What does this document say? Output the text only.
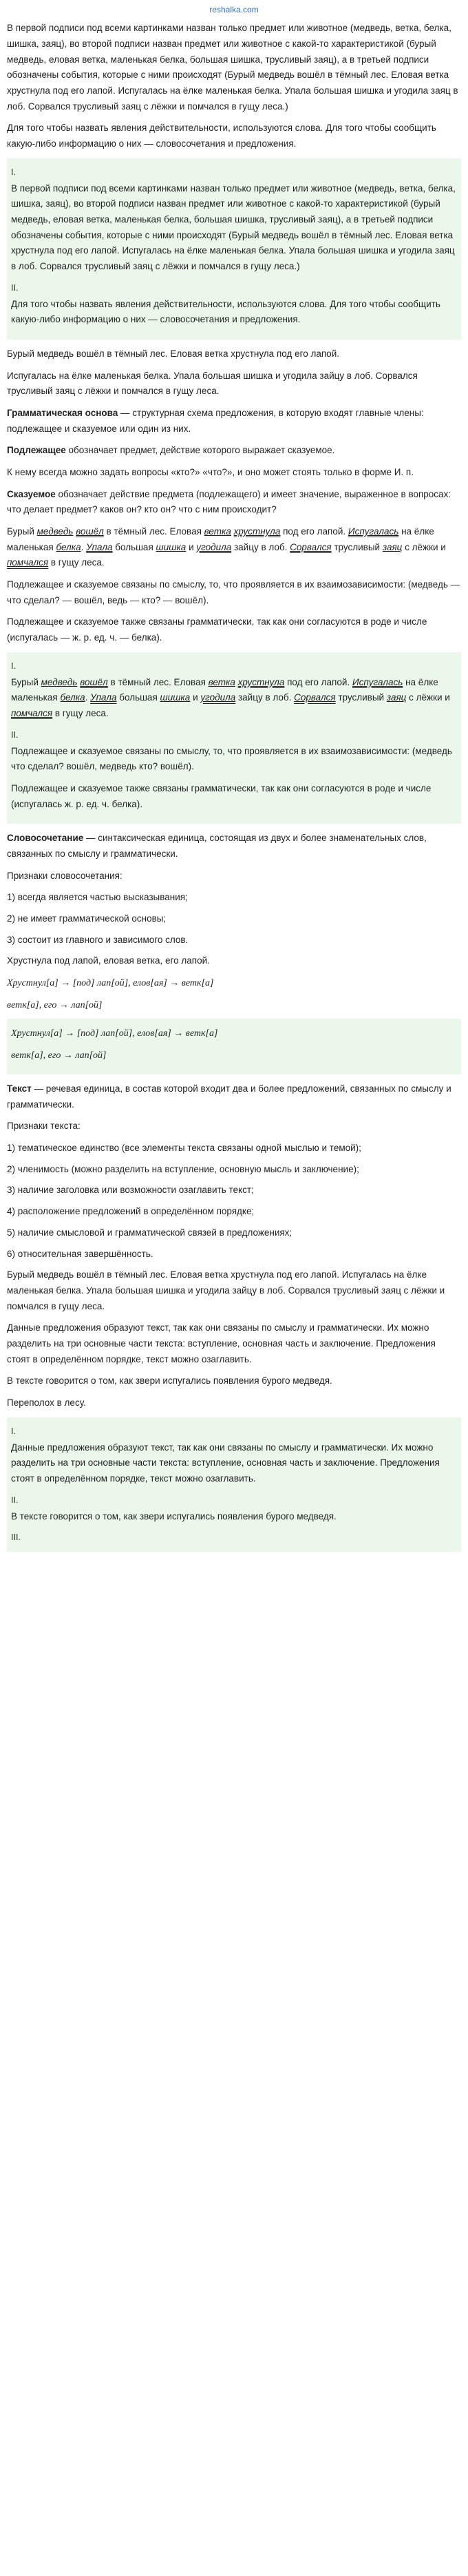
reshalka.com

В первой подписи под всеми картинками назван только предмет или животное (медведь, ветка, белка, шишка, заяц), во второй подписи назван предмет или животное с какой-то характеристикой (бурый медведь, еловая ветка, маленькая белка, большая шишка, трусливый заяц), а в третьей подписи обозначены события, которые с ними происходят (Бурый медведь вошёл в тёмный лес. Еловая ветка хрустнула под его лапой. Испугалась на ёлке маленькая белка. Упала большая шишка и угодила заяц в лоб. Сорвался трусливый заяц с лёжки и помчался в гущу леса.)

Для того чтобы назвать явления действительности, используются слова. Для того чтобы сообщить какую-либо информацию о них — словосочетания и предложения.

I.

В первой подписи под всеми картинками назван только предмет или животное (медведь, ветка, белка, шишка, заяц), во второй подписи назван предмет или животное с какой-то характеристикой (бурый медведь, еловая ветка, маленькая белка, большая шишка, трусливый заяц), а в третьей подписи обозначены события, которые с ними происходят (Бурый медведь вошёл в тёмный лес. Еловая ветка хрустнула под его лапой. Испугалась на ёлке маленькая белка. Упала большая шишка и угодила заяц в лоб. Сорвался трусливый заяц с лёжки и помчался в гущу леса.)

II.

Для того чтобы назвать явления действительности, используются слова. Для того чтобы сообщить какую-либо информацию о них — словосочетания и предложения.

Бурый медведь вошёл в тёмный лес. Еловая ветка хрустнула под его лапой.

Испугалась на ёлке маленькая белка. Упала большая шишка и угодила зайцу в лоб. Сорвался трусливый заяц с лёжки и помчался в гущу леса.

Грамматическая основа — структурная схема предложения, в которую входят главные члены: подлежащее и сказуемое или один из них.

Подлежащее обозначает предмет, действие которого выражает сказуемое.

К нему всегда можно задать вопросы «кто?» «что?», и оно может стоять только в форме И. п.

Сказуемое обозначает действие предмета (подлежащего) и имеет значение, выраженное в вопросах: что делает предмет? каков он? кто он? что с ним происходит?

Бурый медведь вошёл в тёмный лес. Еловая ветка хрустнула под его лапой. Испугалась на ёлке маленькая белка. Упала большая шишка и угодила зайцу в лоб. Сорвался трусливый заяц с лёжки и помчался в гущу леса.

Подлежащее и сказуемое связаны по смыслу, то, что проявляется в их взаимозависимости: (медведь — что сделал? — вошёл, ведь — кто? — вошёл).

Подлежащее и сказуемое также связаны грамматически, так как они согласуются в роде и числе (испугалась — ж. р. ед. ч. — белка).

I.

Бурый медведь вошёл в тёмный лес. Еловая ветка хрустнула под его лапой. Испугалась на ёлке маленькая белка. Упала большая шишка и угодила зайцу в лоб. Сорвался трусливый заяц с лёжки и помчался в гущу леса.

II.

Подлежащее и сказуемое связаны по смыслу, то, что проявляется в их взаимозависимости: (медведь что сделал? вошёл, медведь кто? вошёл).

Подлежащее и сказуемое также связаны грамматически, так как они согласуются в роде и числе (испугалась ж. р. ед. ч. белка).

Словосочетание — синтаксическая единица, состоящая из двух и более знаменательных слов, связанных по смыслу и грамматически.

Признаки словосочетания:

1) всегда является частью высказывания;

2) не имеет грамматической основы;

3) состоит из главного и зависимого слов.

Хрустнула под лапой, еловая ветка, его лапой.

Хрустнул[а] → [под] лап[ой], елов[ая] → ветк[а]
ветк[а], его → лап[ой]
Хрустнул[а] → [под] лап[ой], елов[ая] → ветк[а]
ветк[а], его → лап[ой]

Текст — речевая единица, в состав которой входит два и более предложений, связанных по смыслу и грамматически.

Признаки текста:

1) тематическое единство (все элементы текста связаны одной мыслью и темой);

2) членимость (можно разделить на вступление, основную мысль и заключение);

3) наличие заголовка или возможности озаглавить текст;

4) расположение предложений в определённом порядке;

5) наличие смысловой и грамматической связей в предложениях;

6) относительная завершённость.

Бурый медведь вошёл в тёмный лес. Еловая ветка хрустнула под его лапой. Испугалась на ёлке маленькая белка. Упала большая шишка и угодила зайцу в лоб. Сорвался трусливый заяц с лёжки и помчался в гущу леса.

Данные предложения образуют текст, так как они связаны по смыслу и грамматически. Их можно разделить на три основные части текста: вступление, основная часть и заключение. Предложения стоят в определённом порядке, текст можно озаглавить.

В тексте говорится о том, как звери испугались появления бурого медведя.

Переполох в лесу.

I.

Данные предложения образуют текст, так как они связаны по смыслу и грамматически. Их можно разделить на три основные части текста: вступление, основная часть и заключение. Предложения стоят в определённом порядке, текст можно озаглавить.

II.

В тексте говорится о том, как звери испугались появления бурого медведя.

III.
